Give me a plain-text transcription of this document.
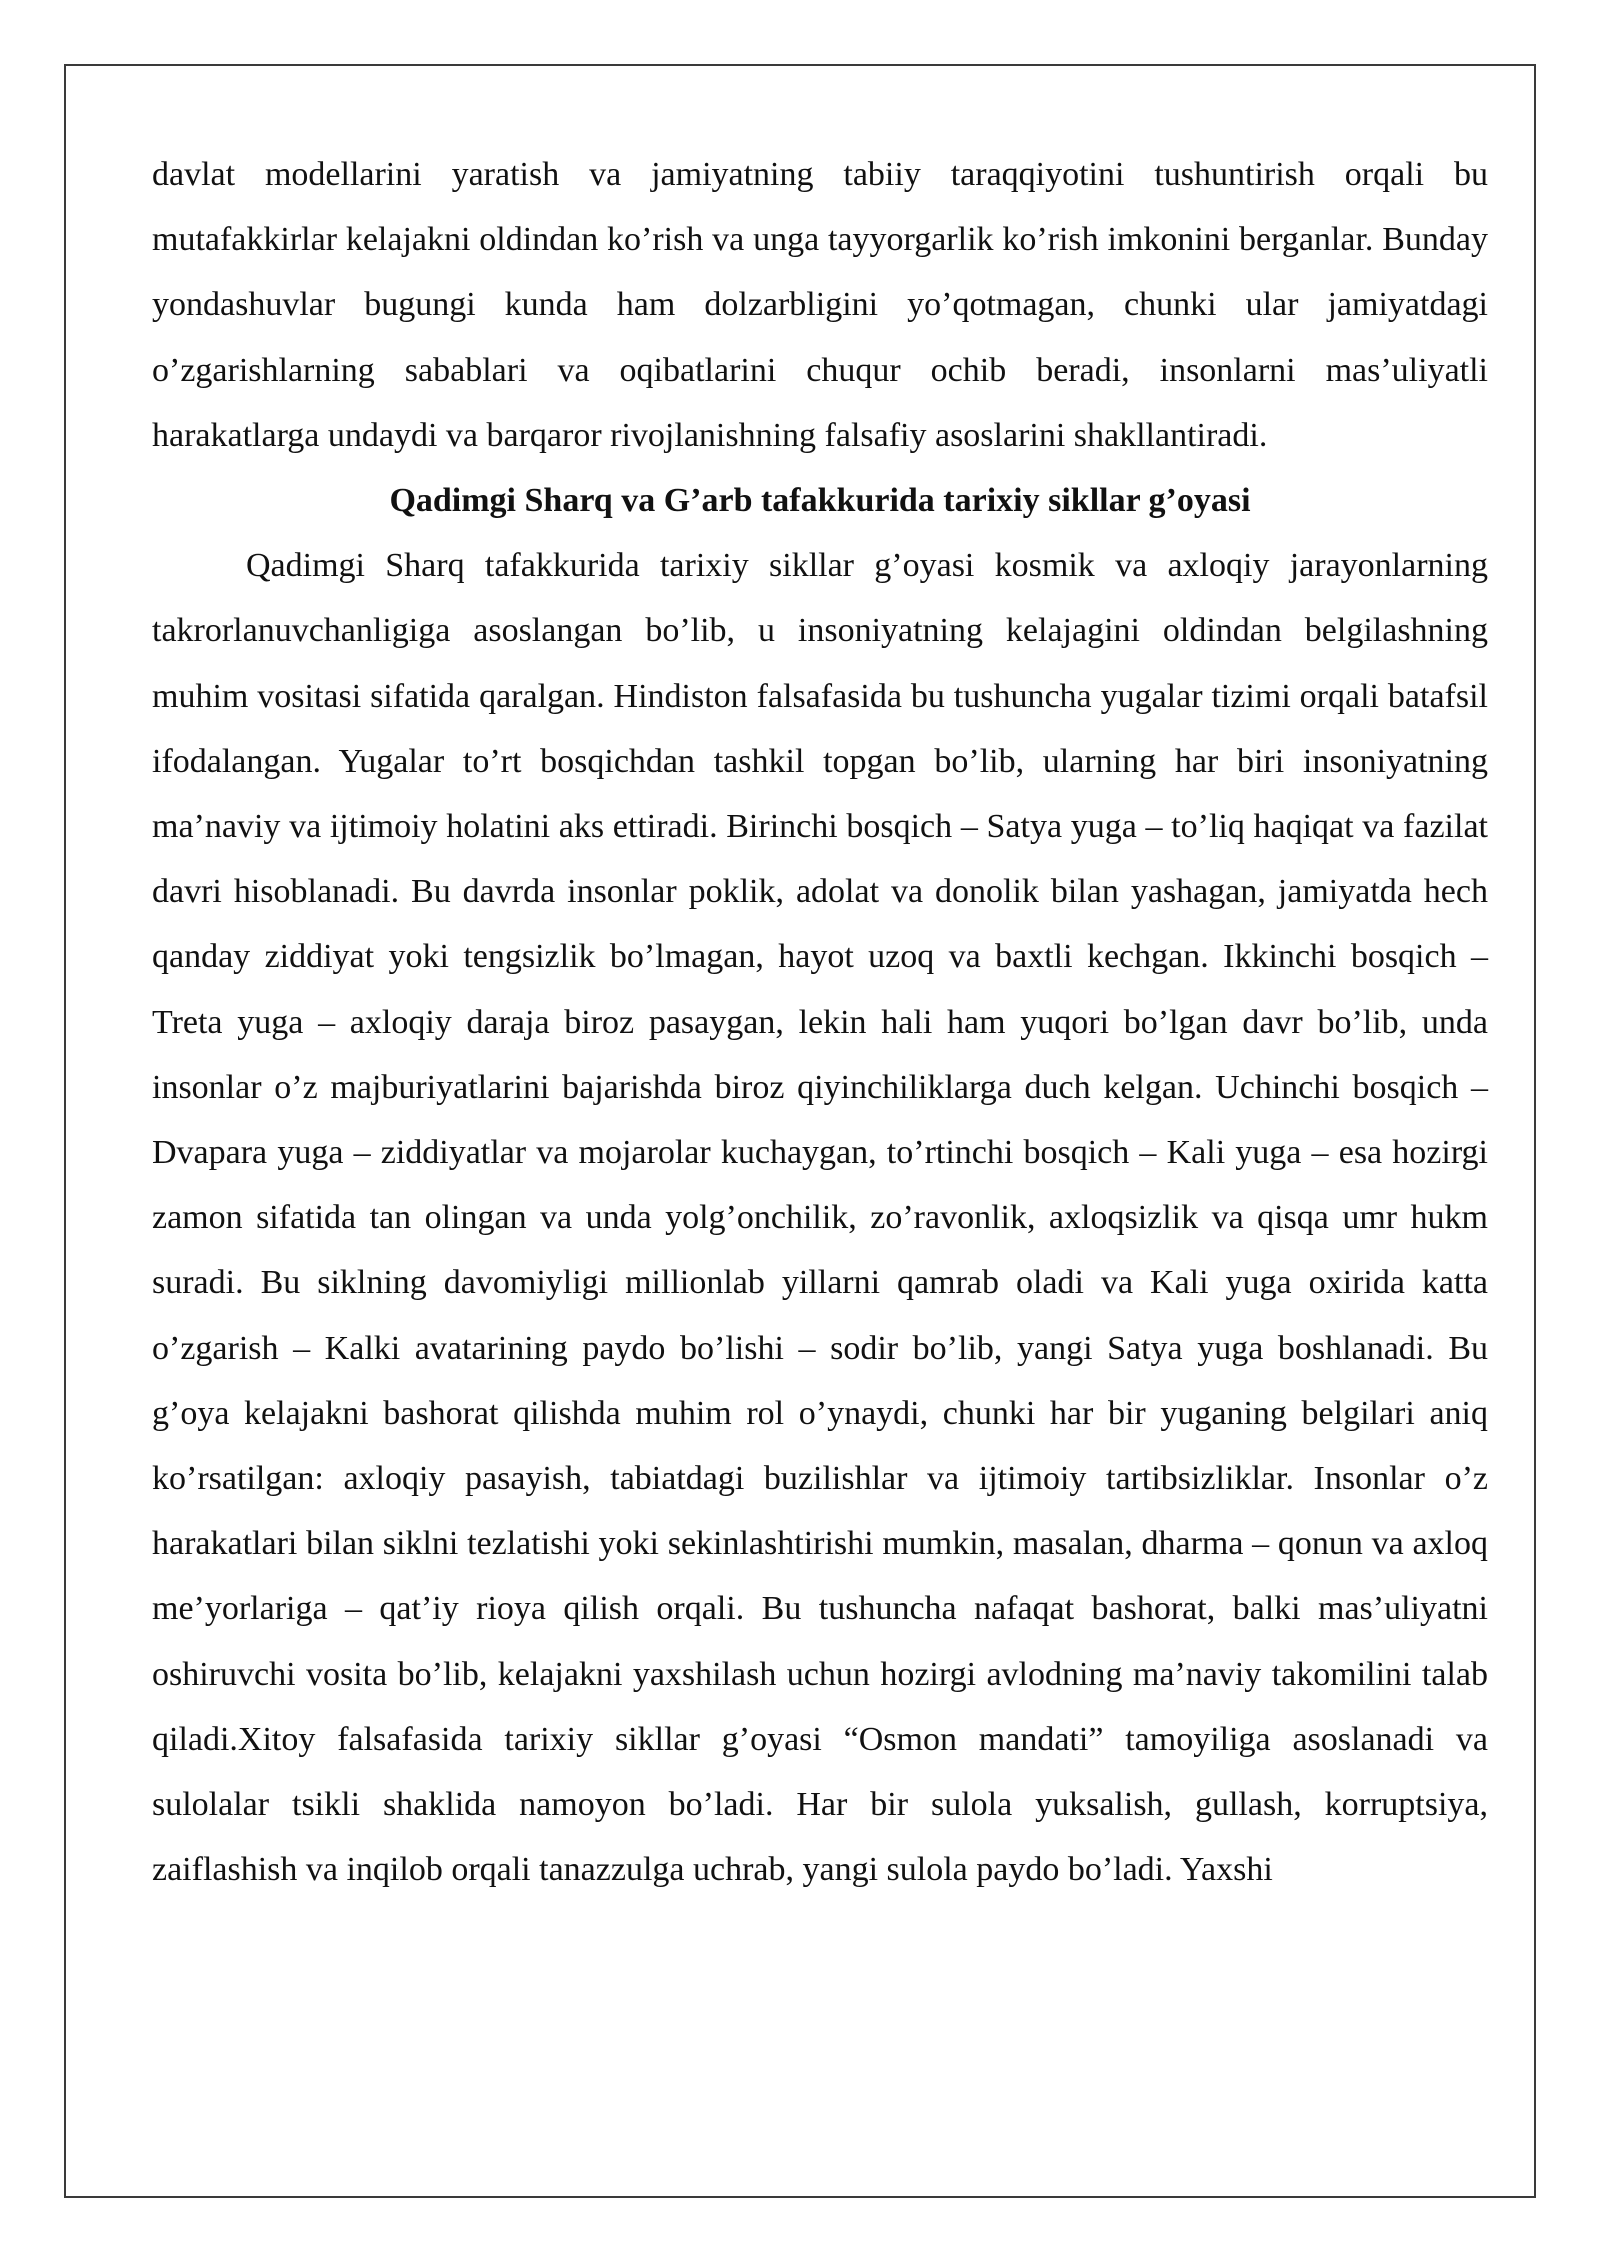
davlat modellarini yaratish va jamiyatning tabiiy taraqqiyotini tushuntirish orqali bu mutafakkirlar kelajakni oldindan ko’rish va unga tayyorgarlik ko’rish imkonini berganlar. Bunday yondashuvlar bugungi kunda ham dolzarbligini yo’qotmagan, chunki ular jamiyatdagi o’zgarishlarning sabablari va oqibatlarini chuqur ochib beradi, insonlarni mas’uliyatli harakatlarga undaydi va barqaror rivojlanishning falsafiy asoslarini shakllantiradi.

Qadimgi Sharq va G’arb tafakkurida tarixiy sikllar g’oyasi

Qadimgi Sharq tafakkurida tarixiy sikllar g’oyasi kosmik va axloqiy jarayonlarning takrorlanuvchanligiga asoslangan bo’lib, u insoniyatning kelajagini oldindan belgilashning muhim vositasi sifatida qaralgan. Hindiston falsafasida bu tushuncha yugalar tizimi orqali batafsil ifodalangan. Yugalar to’rt bosqichdan tashkil topgan bo’lib, ularning har biri insoniyatning ma’naviy va ijtimoiy holatini aks ettiradi. Birinchi bosqich – Satya yuga – to’liq haqiqat va fazilat davri hisoblanadi. Bu davrda insonlar poklik, adolat va donolik bilan yashagan, jamiyatda hech qanday ziddiyat yoki tengsizlik bo’lmagan, hayot uzoq va baxtli kechgan. Ikkinchi bosqich – Treta yuga – axloqiy daraja biroz pasaygan, lekin hali ham yuqori bo’lgan davr bo’lib, unda insonlar o’z majburiyatlarini bajarishda biroz qiyinchiliklarga duch kelgan. Uchinchi bosqich – Dvapara yuga – ziddiyatlar va mojarolar kuchaygan, to’rtinchi bosqich – Kali yuga – esa hozirgi zamon sifatida tan olingan va unda yolg’onchilik, zo’ravonlik, axloqsizlik va qisqa umr hukm suradi. Bu siklning davomiyligi millionlab yillarni qamrab oladi va Kali yuga oxirida katta o’zgarish – Kalki avatarining paydo bo’lishi – sodir bo’lib, yangi Satya yuga boshlanadi. Bu g’oya kelajakni bashorat qilishda muhim rol o’ynaydi, chunki har bir yuganing belgilari aniq ko’rsatilgan: axloqiy pasayish, tabiatdagi buzilishlar va ijtimoiy tartibsizliklar. Insonlar o’z harakatlari bilan siklni tezlatishi yoki sekinlashtirishi mumkin, masalan, dharma – qonun va axloq me’yorlariga – qat’iy rioya qilish orqali. Bu tushuncha nafaqat bashorat, balki mas’uliyatni oshiruvchi vosita bo’lib, kelajakni yaxshilash uchun hozirgi avlodning ma’naviy takomilini talab qiladi.Xitoy falsafasida tarixiy sikllar g’oyasi “Osmon mandati” tamoyiliga asoslanadi va sulolalar tsikli shaklida namoyon bo’ladi. Har bir sulola yuksalish, gullash, korruptsiya, zaiflashish va inqilob orqali tanazzulga uchrab, yangi sulola paydo bo’ladi. Yaxshi
